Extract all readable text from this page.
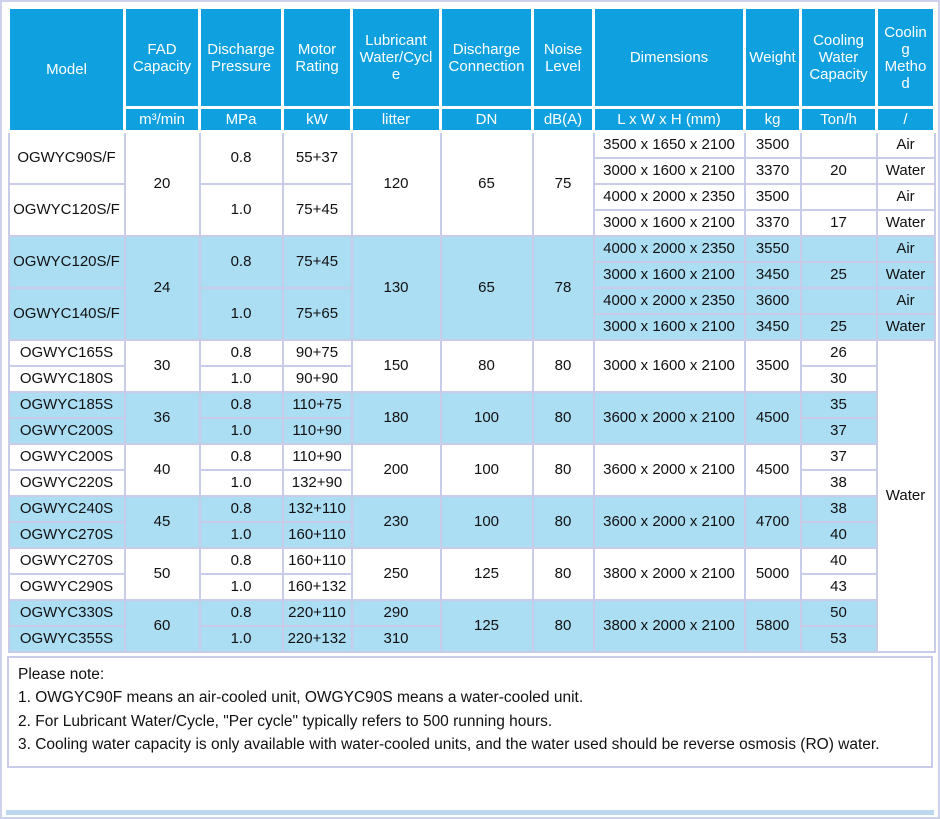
Model	FAD Capacity	Discharge Pressure	Motor Rating	Lubricant Water/Cycle	Discharge Connection	Noise Level	Dimensions	Weight	Cooling Water Capacity	Cooling Method
	m³/min	MPa	kW	litter	DN	dB(A)	L x W x H (mm)	kg	Ton/h	/
OGWYC90S/F	20	0.8	55+37	120	65	75	3500 x 1650 x 2100	3500		Air
							3000 x 1600 x 2100	3370	20	Water
OGWYC120S/F		1.0	75+45				4000 x 2000 x 2350	3500		Air
							3000 x 1600 x 2100	3370	17	Water
OGWYC120S/F	24	0.8	75+45	130	65	78	4000 x 2000 x 2350	3550		Air
							3000 x 1600 x 2100	3450	25	Water
OGWYC140S/F		1.0	75+65				4000 x 2000 x 2350	3600		Air
							3000 x 1600 x 2100	3450	25	Water
OGWYC165S	30	0.8	90+75	150	80	80	3000 x 1600 x 2100	3500	26	Water
OGWYC180S		1.0	90+90						30	
OGWYC185S	36	0.8	110+75	180	100	80	3600 x 2000 x 2100	4500	35	
OGWYC200S		1.0	110+90						37	
OGWYC200S	40	0.8	110+90	200	100	80	3600 x 2000 x 2100	4500	37	
OGWYC220S		1.0	132+90						38	
OGWYC240S	45	0.8	132+110	230	100	80	3600 x 2000 x 2100	4700	38	
OGWYC270S		1.0	160+110						40	
OGWYC270S	50	0.8	160+110	250	125	80	3800 x 2000 x 2100	5000	40	
OGWYC290S		1.0	160+132						43	
OGWYC330S	60	0.8	220+110	290	125	80	3800 x 2000 x 2100	5800	50	
OGWYC355S		1.0	220+132	310					53	

Please note:

1. OWGYC90F means an air-cooled unit, OWGYC90S means a water-cooled unit.

2. For Lubricant Water/Cycle, "Per cycle" typically refers to 500 running hours.

3. Cooling water capacity is only available with water-cooled units, and the water used should be reverse osmosis (RO) water.
